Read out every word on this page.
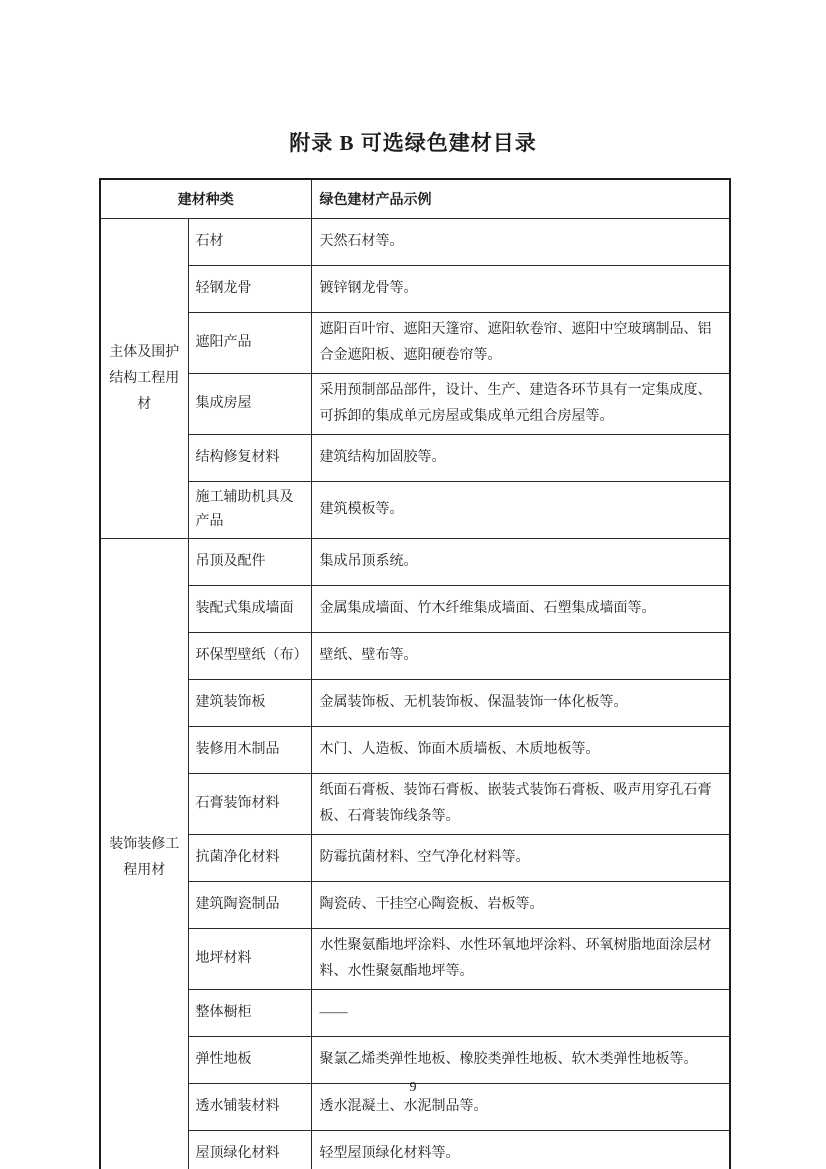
附录 B 可选绿色建材目录
建材种类		绿色建材产品示例
主体及围护结构工程用材	石材	天然石材等。
	轻钢龙骨	镀锌钢龙骨等。
	遮阳产品	遮阳百叶帘、遮阳天篷帘、遮阳软卷帘、遮阳中空玻璃制品、铝合金遮阳板、遮阳硬卷帘等。
	集成房屋	采用预制部品部件，设计、生产、建造各环节具有一定集成度、可拆卸的集成单元房屋或集成单元组合房屋等。
	结构修复材料	建筑结构加固胶等。
	施工辅助机具及产品	建筑模板等。
装饰装修工程用材	吊顶及配件	集成吊顶系统。
	装配式集成墙面	金属集成墙面、竹木纤维集成墙面、石塑集成墙面等。
	环保型壁纸（布）	壁纸、壁布等。
	建筑装饰板	金属装饰板、无机装饰板、保温装饰一体化板等。
	装修用木制品	木门、人造板、饰面木质墙板、木质地板等。
	石膏装饰材料	纸面石膏板、装饰石膏板、嵌装式装饰石膏板、吸声用穿孔石膏板、石膏装饰线条等。
	抗菌净化材料	防霉抗菌材料、空气净化材料等。
	建筑陶瓷制品	陶瓷砖、干挂空心陶瓷板、岩板等。
	地坪材料	水性聚氨酯地坪涂料、水性环氧地坪涂料、环氧树脂地面涂层材料、水性聚氨酯地坪等。
	整体橱柜	——
	弹性地板	聚氯乙烯类弹性地板、橡胶类弹性地板、软木类弹性地板等。
	透水铺装材料	透水混凝土、水泥制品等。
	屋顶绿化材料	轻型屋顶绿化材料等。
9
